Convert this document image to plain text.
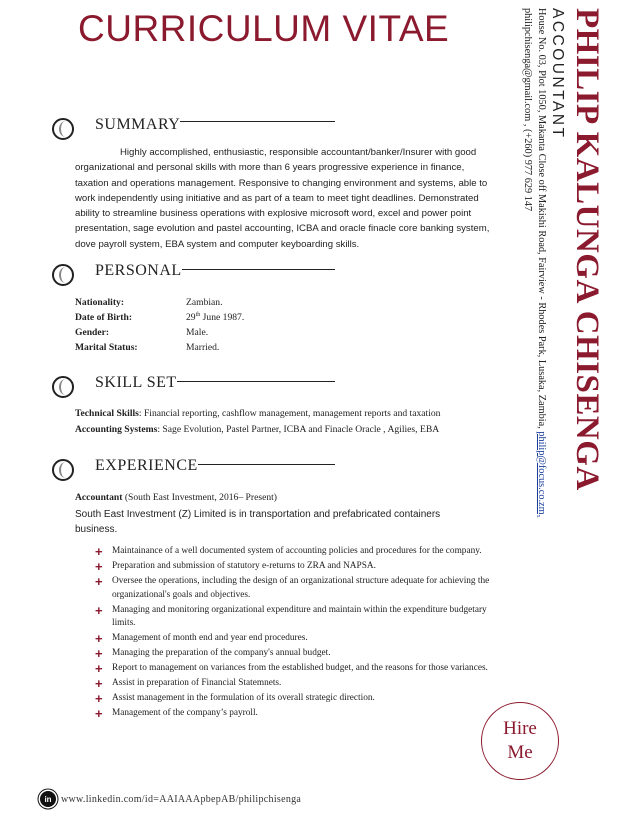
CURRICULUM VITAE	PHILIP KALUNGA CHISENGA
ACCOUNTANT
House No. 03, Plot 1050, Makanta Close off Makishi Road, Fairview - Rhodes Park, Lusaka, Zambia, philip@focus.co.zm,
philipchisenga@gmail.com , (+260) 977 629 147
SUMMARY

Highly accomplished, enthusiastic, responsible accountant/banker/Insurer with good organizational and personal skills with more than 6 years progressive experience in finance, taxation and operations management. Responsive to changing environment and systems, able to work independently using initiative and as part of a team to meet tight deadlines. Demonstrated ability to streamline business operations with explosive microsoft word, excel and power point presentation, sage evolution and pastel accounting, ICBA and oracle finacle core banking system, dove payroll system, EBA system and computer keyboarding skills.

PERSONAL
Nationality:	Zambian.
Date of Birth:	29th June 1987.
Gender:	Male.
Marital Status:	Married.
SKILL SET
Technical Skills: Financial reporting, cashflow management, management reports and taxation
Accounting Systems: Sage Evolution, Pastel Partner, ICBA and Finacle Oracle , Agilies, EBA
EXPERIENCE
Accountant (South East Investment, 2016– Present)
South East Investment (Z) Limited is in transportation and prefabricated containers business.
+ Maintainance of a well documented system of accounting policies and procedures for the company.
+ Preparation and submission of statutory e-returns to ZRA and NAPSA.
+ Oversee the operations, including the design of an organizational structure adequate for achieving the organizational's goals and objectives.
+ Managing and monitoring organizational expenditure and maintain within the expenditure budgetary limits.
+ Management of month end and year end procedures.
+ Managing the preparation of the company's annual budget.
+ Report to management on variances from the established budget, and the reasons for those variances.
+ Assist in preparation of Financial Statemnets.
+ Assist management in the formulation of its overall strategic direction.
+ Management of the company’s payroll.
Hire
Me
in www.linkedin.com/id=AAIAAApbepAB/philipchisenga
